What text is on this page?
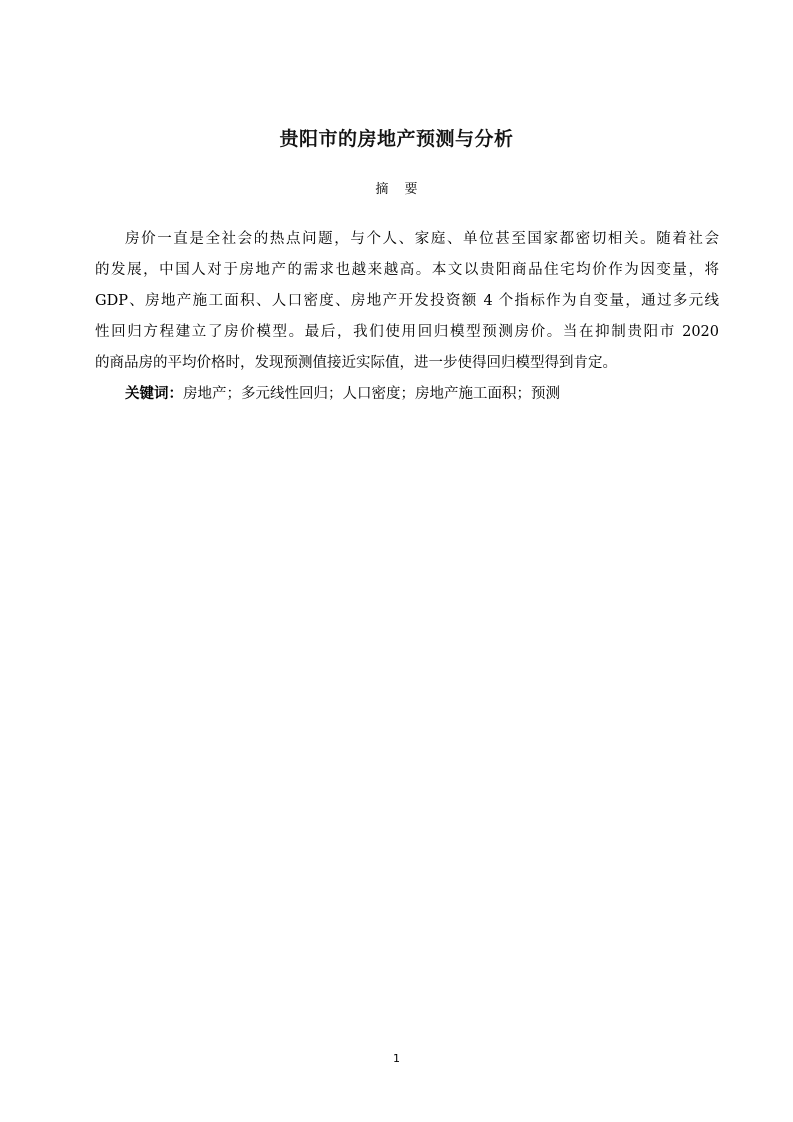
贵阳市的房地产预测与分析
摘 要
房价一直是全社会的热点问题，与个人、家庭、单位甚至国家都密切相关。随着社会
的发展，中国人对于房地产的需求也越来越高。本文以贵阳商品住宅均价作为因变量，将
GDP、房地产施工面积、人口密度、房地产开发投资额 4 个指标作为自变量，通过多元线
性回归方程建立了房价模型。最后，我们使用回归模型预测房价。当在抑制贵阳市 2020
的商品房的平均价格时，发现预测值接近实际值，进一步使得回归模型得到肯定。
关键词：房地产；多元线性回归；人口密度；房地产施工面积；预测
1
